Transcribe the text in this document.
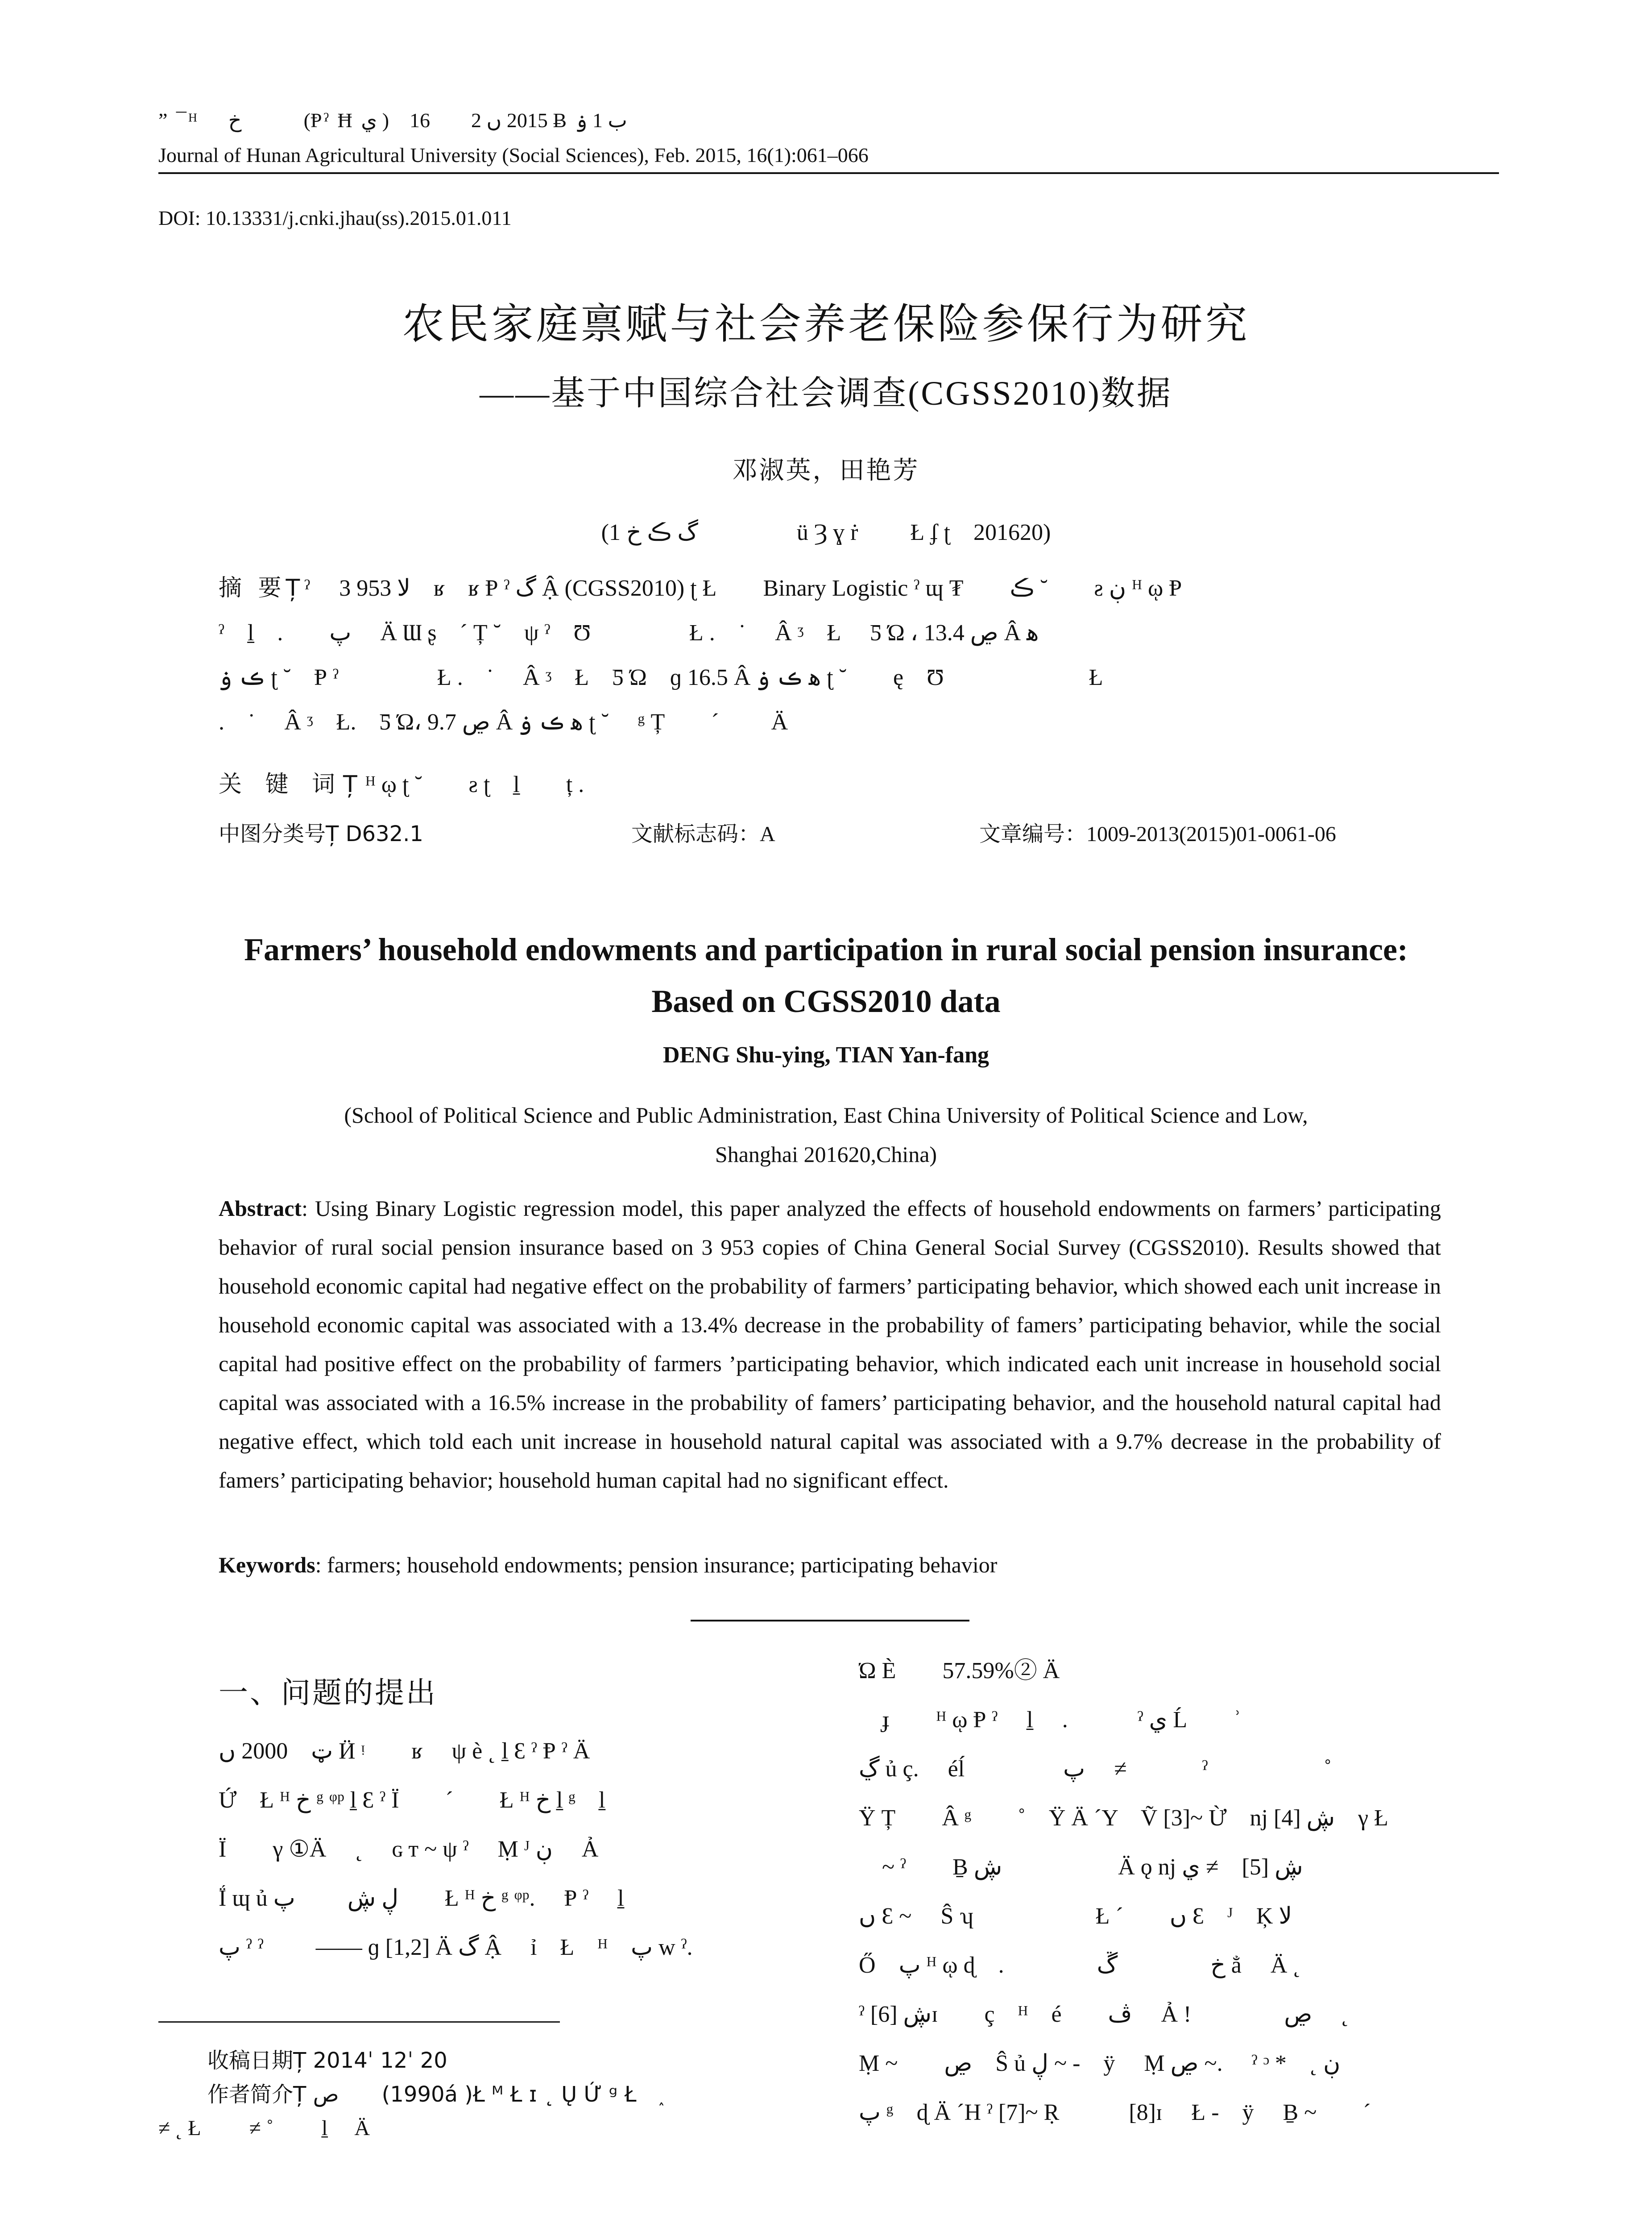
” ¯ᴴ 　خ　　ُ (Ᵽˀ Ħ ي )　2015 ں 2　　16 Ƀ ب 1 ۏ
Journal of Hunan Agricultural University (Social Sciences), Feb. 2015, 16(1):061–066
DOI: 10.13331/j.cnki.jhau(ss).2015.01.011
农民家庭禀赋与社会养老保险参保行为研究
——基于中国综合社会调查(CGSS2010)数据
邓淑英，田艳芳
(1 گ ڪ خ　　　　 ü Ȝ ɣ ṙ　　 Ł ʄ ʈ　201620)
摘 要Țˀ　 3 953 ﻻ　ʁ　ʁ Ᵽ ˀ گ Ậ (CGSS2010) ʈ Ł　　Binary Logistic ˀ ɰ ₮　　ڪ ˘　　ƨ ڹ ᴴ ῳ Ᵽ
ˀ　ḻ　.　　پ　 Ä Ɯ ʂ　´ Ț ˘　ψ ˀ　Ʊ　　　　 Ł .　˙　 Â ᶾ　Ł　 Ƽ Ώ ، ڝ 13.4 Â ﻫ
ڪ ۏ ʈ ˘　Ᵽ ˀ　　　　 Ł .　˙　 Â ᶾ　Ł　Ƽ Ώ　ɡ 16.5 Â ﻫ ڪ ۏ ʈ ˘　　ę　Ʊ　　　　　　 Ł
.　˙　 Â ᶾ　Ł.　Ƽ Ώ، ڝ 9.7 Â ﻫ ڪ ۏ ʈ ˘　 ᵍ Ț　　´　　 Ä
关 键 词Țᴴ ῳ ʈ ˘　　ƨ ʈ　ḻ　　ț .
中图分类号Ț D632.1	文献标志码：A	文章编号：1009-2013(2015)01-0061-06
Farmers’ household endowments and participation in rural social pension insurance:
Based on CGSS2010 data
DENG Shu-ying, TIAN Yan-fang
(School of Political Science and Public Administration, East China University of Political Science and Low,
Shanghai 201620,China)
Abstract: Using Binary Logistic regression model, this paper analyzed the effects of household endowments on farmers’ participating behavior of rural social pension insurance based on 3 953 copies of China General Social Survey (CGSS2010). Results showed that household economic capital had negative effect on the probability of farmers’ participating behavior, which showed each unit increase in household economic capital was associated with a 13.4% decrease in the probability of famers’ participating behavior, while the social capital had positive effect on the probability of farmers ’participating behavior, which indicated each unit increase in household social capital was associated with a 16.5% increase in the probability of famers’ participating behavior, and the household natural capital had negative effect, which told each unit increase in household natural capital was associated with a 9.7% decrease in the probability of famers’ participating behavior; household human capital had no significant effect.
Keywords: farmers; household endowments; pension insurance; participating behavior
一、问题的提出
ټ　2000 ں Ӥ ᵎ　　ʁ　 ψ ѐ ˛ ḻ Ɛ ˀ Ᵽ ˀ Ä
Ứ　Ł ᴴ خ ᵍ ᵠᵖ ḻ Ɛ ˀ Ï　　´　　Ł ᴴ خ ḻ ᵍ　ḻ
Ï　　γ ①Ä　 ˛　 ɢ ᴛ ~ ψ ˀ　 Ṃ ᴶ ڹ　 Ả
Ḯ ɰ ủ ڸ ڜ　　 پ　　Ł ᴴ خ ᵍ ᵠᵖ.　 Ᵽ ˀ　 ḻ
پ ˀ ˀ　　 —— ɡ [1,2] Ä گ Ậ　 ỉ　Ł　ᴴ　پ w ˀ.
Ώ È　　57.59%② Ä
　ɟ　　ᴴ ῳ Ᵽ ˀ　 ḻ　 .　　　ˀ ي Ĺ　　ʾ
ڲ ủ ç.　 éĺ　　　　 پ　 ≠　　　 ˀ　　　　　˚
Ÿ Ț　　Â ᵍ　　˚　Ÿ Ä ˊY　Ṽ [3]~ Ừ　nj ڜ [4]　γ Ł
　~ ˀ　　Ḇ ڜ　　　　　Ä ǫ nj ڜ [5]　≠ ي
ں Ɛ ~　 Ŝ ʮ　　　　　 Ł ´　　ں Ɛ　ᴶ　Ķ ﻻ
Ő　پ ᴴ ῳ ɖ　.　　　　خ　　　　ڱ ẳ　 Ä ˛
ˀ ڜ [6]ɪ　　ç　ᴴ　é　　ڤ　 Ả !　　　　ڝ　 ˛
Ṃ ~　　ڝ　Ŝ ủ ڸ ~ -　ÿ　 Ṃ ڝ ~.　 ˀ ᵓ *　˛ ڹ
پ ᵍ　ɖ Ä ˊH ˀ [7]~ Ṛ　　　[8]ɪ　 Ł -　ÿ　 Ḇ ~　　´
收稿日期Ț 2014ˈ 12ˈ 20
作者简介Ț ص　　(1990á )Ł ᴹ Ł ɪ ˛ Ų Ứ ᵍ Ł　˰
≠ ˛ Ł　　 ≠ ˚　　 ḻ　 Ä
